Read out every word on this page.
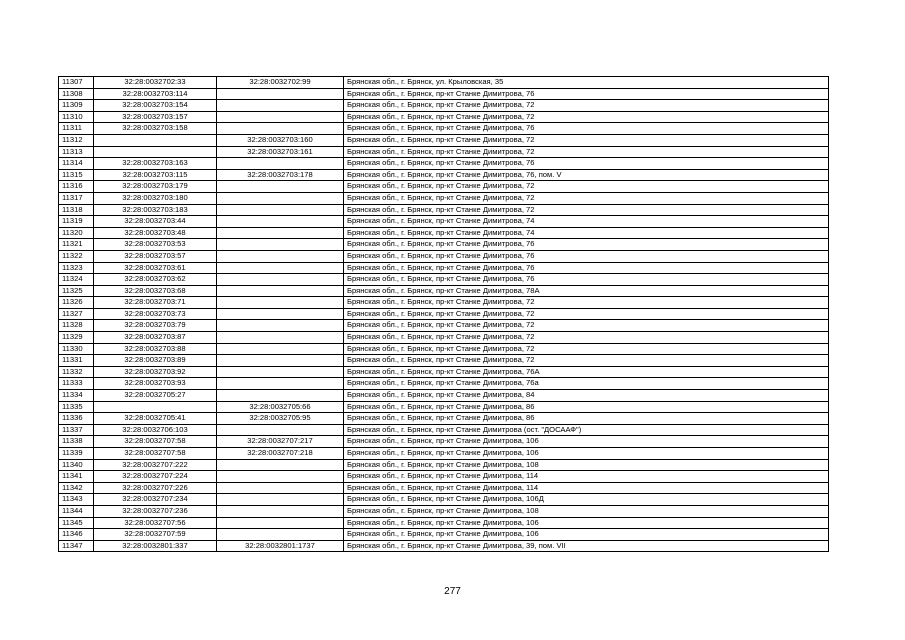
11307	32:28:0032702:33	32:28:0032702:99	Брянская обл., г. Брянск, ул. Крыловская, 35
11308	32:28:0032703:114		Брянская обл., г. Брянск, пр-кт Станке Димитрова, 76
11309	32:28:0032703:154		Брянская обл., г. Брянск, пр-кт Станке Димитрова, 72
11310	32:28:0032703:157		Брянская обл., г. Брянск, пр-кт Станке Димитрова, 72
11311	32:28:0032703:158		Брянская обл., г. Брянск, пр-кт Станке Димитрова, 76
11312		32:28:0032703:160	Брянская обл., г. Брянск, пр-кт Станке Димитрова, 72
11313		32:28:0032703:161	Брянская обл., г. Брянск, пр-кт Станке Димитрова, 72
11314	32:28:0032703:163		Брянская обл., г. Брянск, пр-кт Станке Димитрова, 76
11315	32:28:0032703:115	32:28:0032703:178	Брянская обл., г. Брянск, пр-кт Станке Димитрова, 76, пом. V
11316	32:28:0032703:179		Брянская обл., г. Брянск, пр-кт Станке Димитрова, 72
11317	32:28:0032703:180		Брянская обл., г. Брянск, пр-кт Станке Димитрова, 72
11318	32:28:0032703:183		Брянская обл., г. Брянск, пр-кт Станке Димитрова, 72
11319	32:28:0032703:44		Брянская обл., г. Брянск, пр-кт Станке Димитрова, 74
11320	32:28:0032703:48		Брянская обл., г. Брянск, пр-кт Станке Димитрова, 74
11321	32:28:0032703:53		Брянская обл., г. Брянск, пр-кт Станке Димитрова, 76
11322	32:28:0032703:57		Брянская обл., г. Брянск, пр-кт Станке Димитрова, 76
11323	32:28:0032703:61		Брянская обл., г. Брянск, пр-кт Станке Димитрова, 76
11324	32:28:0032703:62		Брянская обл., г. Брянск, пр-кт Станке Димитрова, 76
11325	32:28:0032703:68		Брянская обл., г. Брянск, пр-кт Станке Димитрова, 78А
11326	32:28:0032703:71		Брянская обл., г. Брянск, пр-кт Станке Димитрова, 72
11327	32:28:0032703:73		Брянская обл., г. Брянск, пр-кт Станке Димитрова, 72
11328	32:28:0032703:79		Брянская обл., г. Брянск, пр-кт Станке Димитрова, 72
11329	32:28:0032703:87		Брянская обл., г. Брянск, пр-кт Станке Димитрова, 72
11330	32:28:0032703:88		Брянская обл., г. Брянск, пр-кт Станке Димитрова, 72
11331	32:28:0032703:89		Брянская обл., г. Брянск, пр-кт Станке Димитрова, 72
11332	32:28:0032703:92		Брянская обл., г. Брянск, пр-кт Станке Димитрова, 76А
11333	32:28:0032703:93		Брянская обл., г. Брянск, пр-кт Станке Димитрова, 76а
11334	32:28:0032705:27		Брянская обл., г. Брянск, пр-кт Станке Димитрова, 84
11335		32:28:0032705:66	Брянская обл., г. Брянск, пр-кт Станке Димитрова, 86
11336	32:28:0032705:41	32:28:0032705:95	Брянская обл., г. Брянск, пр-кт Станке Димитрова, 86
11337	32:28:0032706:103		Брянская обл., г. Брянск, пр-кт Станке Димитрова (ост. "ДОСААФ")
11338	32:28:0032707:58	32:28:0032707:217	Брянская обл., г. Брянск, пр-кт Станке Димитрова, 106
11339	32:28:0032707:58	32:28:0032707:218	Брянская обл., г. Брянск, пр-кт Станке Димитрова, 106
11340	32:28:0032707:222		Брянская обл., г. Брянск, пр-кт Станке Димитрова, 108
11341	32:28:0032707:224		Брянская обл., г. Брянск, пр-кт Станке Димитрова, 114
11342	32:28:0032707:226		Брянская обл., г. Брянск, пр-кт Станке Димитрова, 114
11343	32:28:0032707:234		Брянская обл., г. Брянск, пр-кт Станке Димитрова, 106Д
11344	32:28:0032707:236		Брянская обл., г. Брянск, пр-кт Станке Димитрова, 108
11345	32:28:0032707:56		Брянская обл., г. Брянск, пр-кт Станке Димитрова, 106
11346	32:28:0032707:59		Брянская обл., г. Брянск, пр-кт Станке Димитрова, 106
11347	32:28:0032801:337	32:28:0032801:1737	Брянская обл., г. Брянск, пр-кт Станке Димитрова, 39, пом. VII
277
